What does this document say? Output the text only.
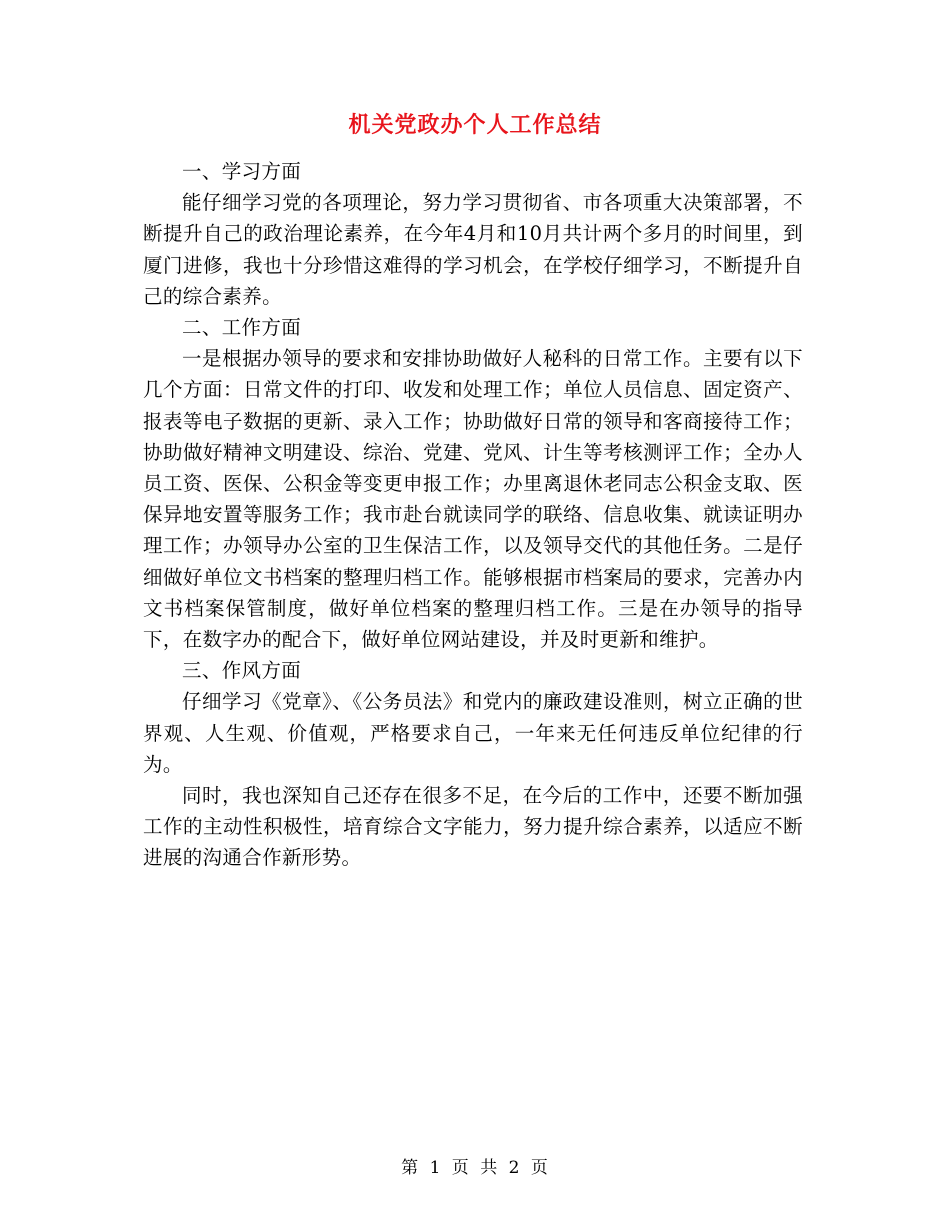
机关党政办个人工作总结

一、学习方面

能仔细学习党的各项理论，努力学习贯彻省、市各项重大决策部署，不断提升自己的政治理论素养，在今年4月和10月共计两个多月的时间里，到厦门进修，我也十分珍惜这难得的学习机会，在学校仔细学习，不断提升自己的综合素养。

二、工作方面

一是根据办领导的要求和安排协助做好人秘科的日常工作。主要有以下几个方面：日常文件的打印、收发和处理工作；单位人员信息、固定资产、报表等电子数据的更新、录入工作；协助做好日常的领导和客商接待工作；协助做好精神文明建设、综治、党建、党风、计生等考核测评工作；全办人员工资、医保、公积金等变更申报工作；办里离退休老同志公积金支取、医保异地安置等服务工作；我市赴台就读同学的联络、信息收集、就读证明办理工作；办领导办公室的卫生保洁工作，以及领导交代的其他任务。二是仔细做好单位文书档案的整理归档工作。能够根据市档案局的要求，完善办内文书档案保管制度，做好单位档案的整理归档工作。三是在办领导的指导下，在数字办的配合下，做好单位网站建设，并及时更新和维护。

三、作风方面

仔细学习《党章》、《公务员法》和党内的廉政建设准则，树立正确的世界观、人生观、价值观，严格要求自己，一年来无任何违反单位纪律的行为。

同时，我也深知自己还存在很多不足，在今后的工作中，还要不断加强工作的主动性积极性，培育综合文字能力，努力提升综合素养，以适应不断进展的沟通合作新形势。

第 1 页 共 2 页
